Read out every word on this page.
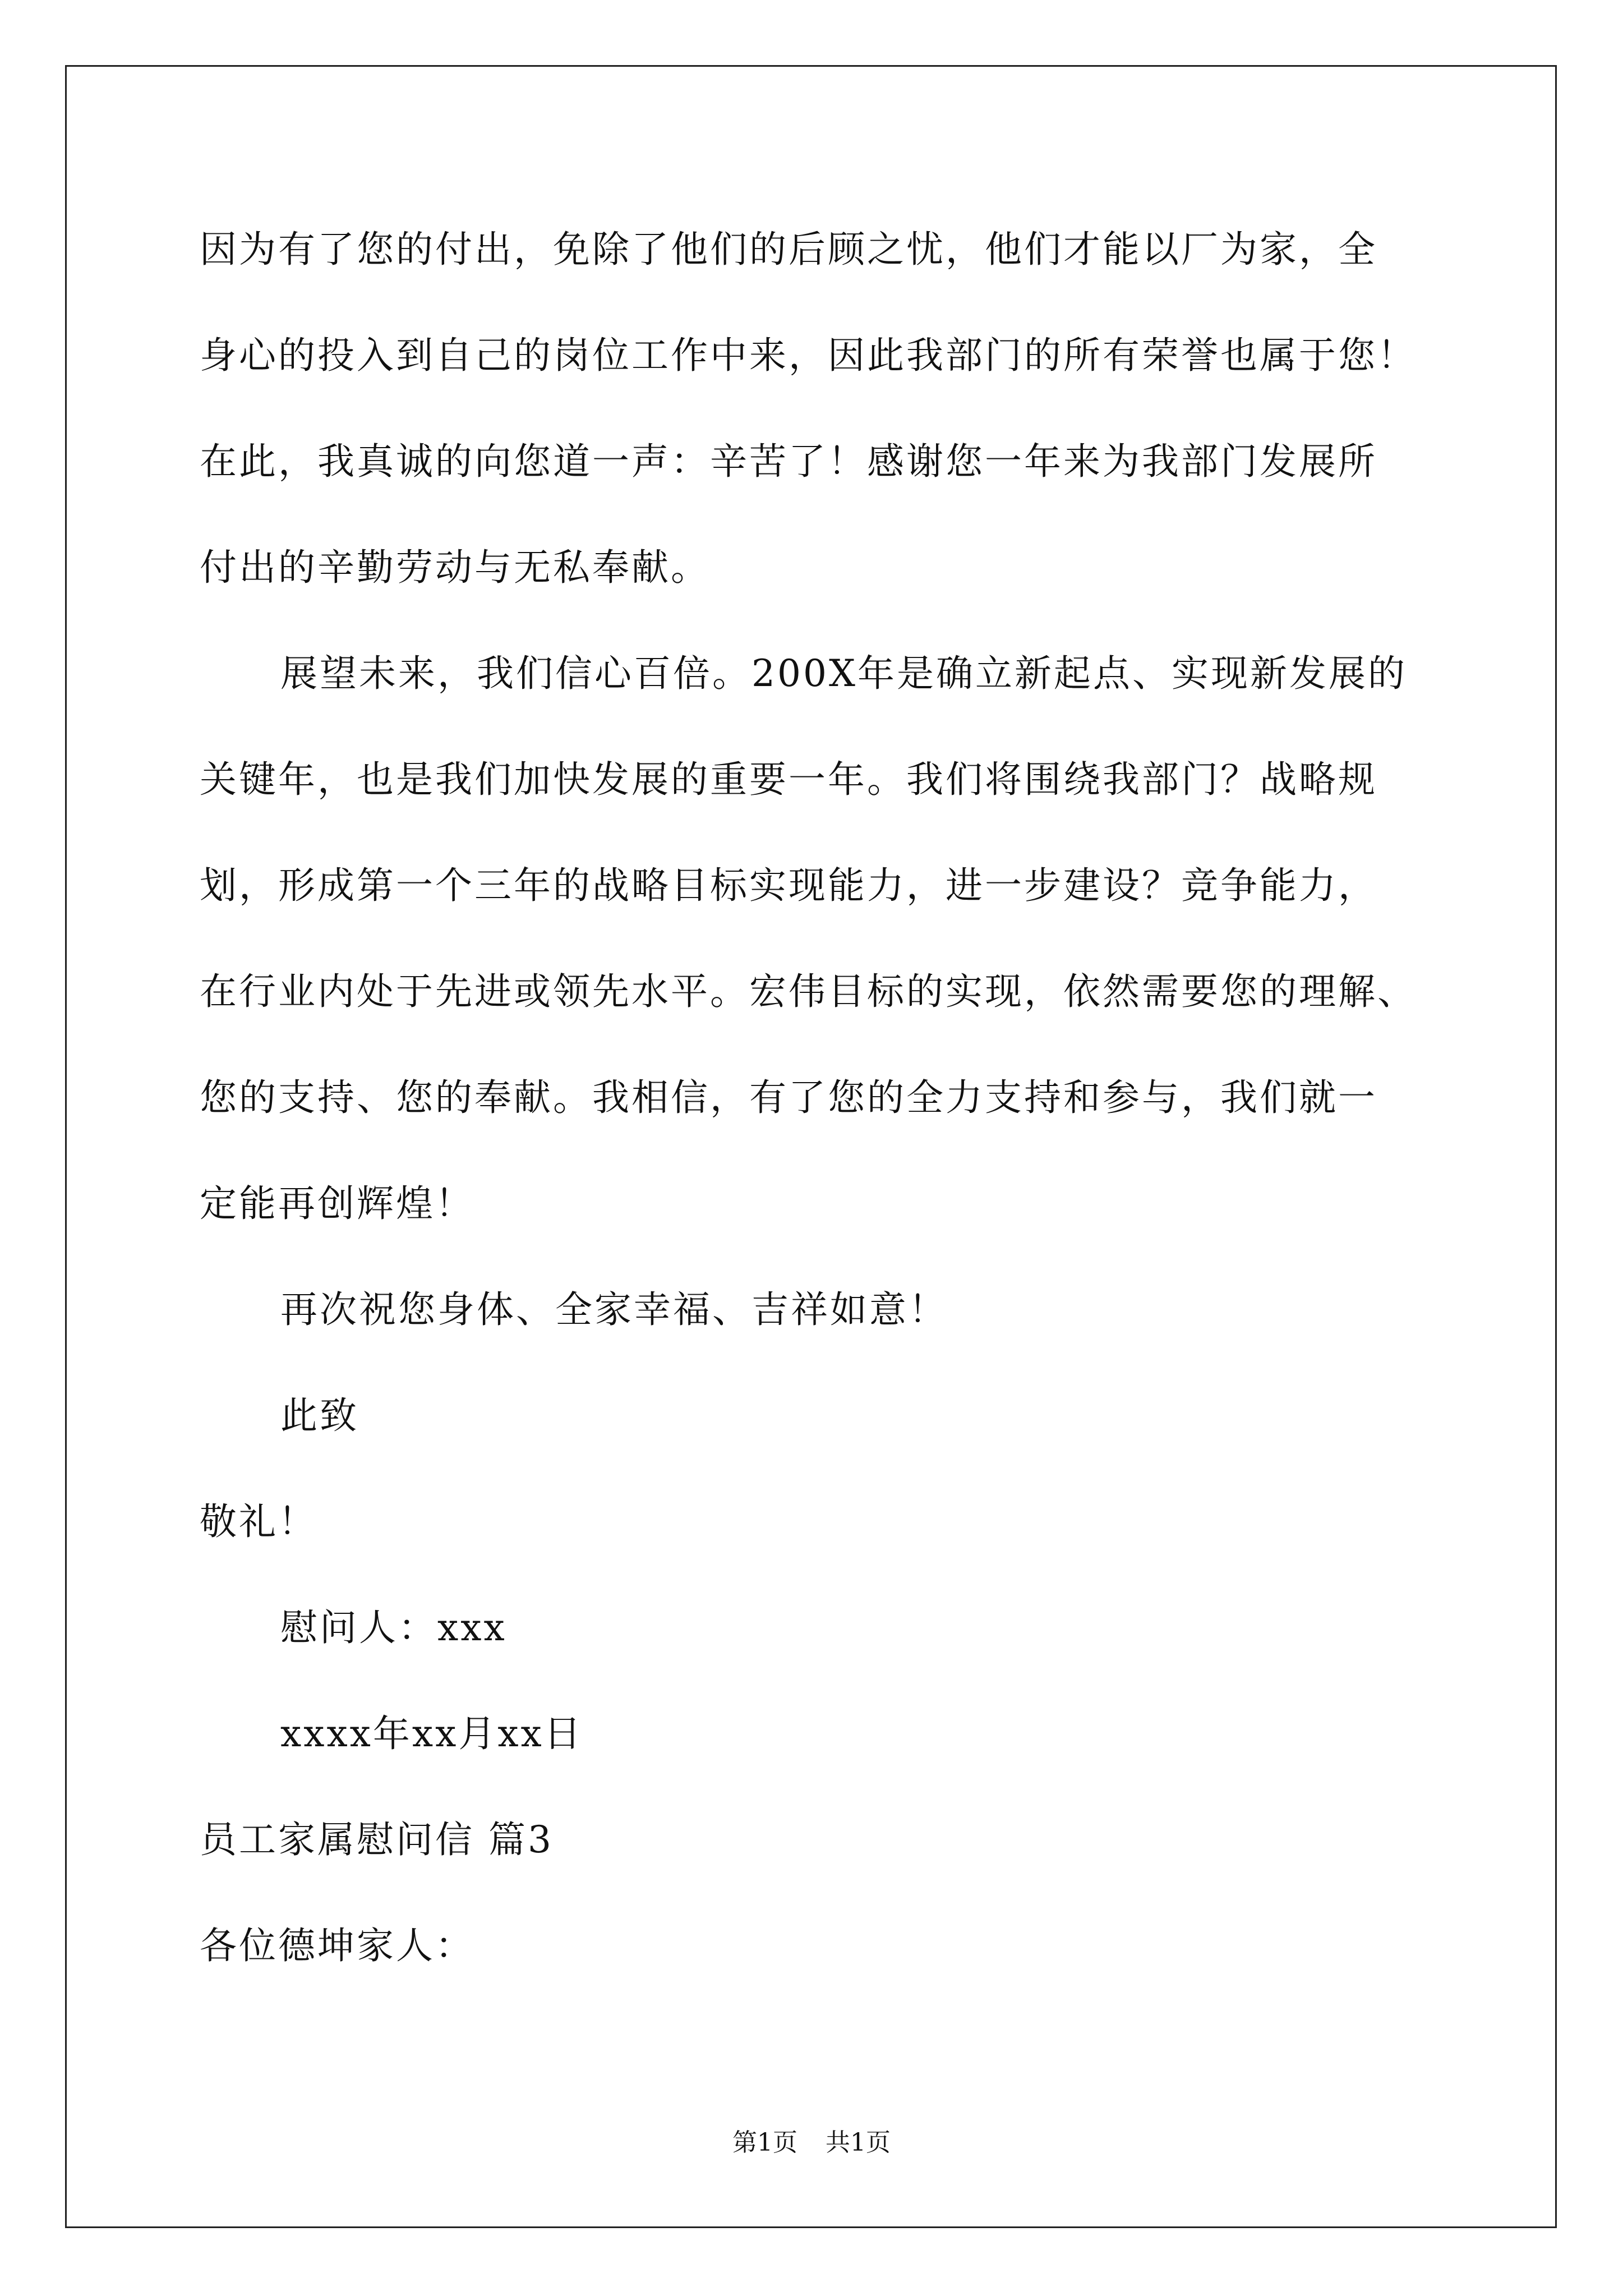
因为有了您的付出，免除了他们的后顾之忧，他们才能以厂为家，全
身心的投入到自己的岗位工作中来，因此我部门的所有荣誉也属于您！
在此，我真诚的向您道一声：辛苦了！感谢您一年来为我部门发展所
付出的辛勤劳动与无私奉献。
展望未来，我们信心百倍。200X年是确立新起点、实现新发展的
关键年，也是我们加快发展的重要一年。我们将围绕我部门？战略规
划，形成第一个三年的战略目标实现能力，进一步建设？竞争能力，
在行业内处于先进或领先水平。宏伟目标的实现，依然需要您的理解、
您的支持、您的奉献。我相信，有了您的全力支持和参与，我们就一
定能再创辉煌！
再次祝您身体、全家幸福、吉祥如意！
此致
敬礼！
慰问人：xxx
xxxx年xx月xx日
员工家属慰问信 篇3
各位德坤家人：
第1页 共1页
